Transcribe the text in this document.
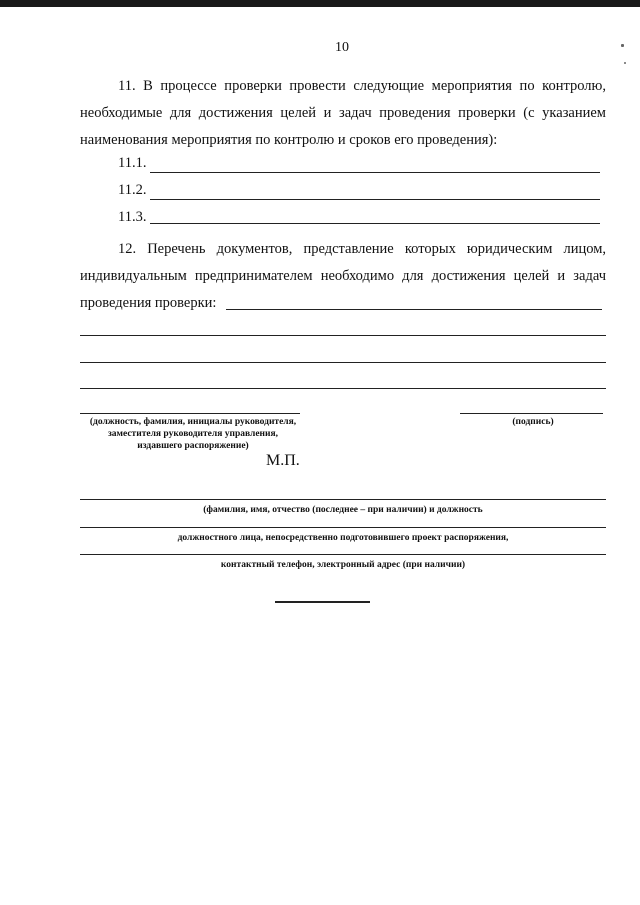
10
11. В процессе проверки провести следующие мероприятия по контролю,
необходимые для достижения целей и задач проведения проверки (с указанием
наименования мероприятия по контролю и сроков его проведения):
11.1.
11.2.
11.3.
12. Перечень документов, представление которых юридическим лицом,
индивидуальным предпринимателем необходимо для достижения целей и задач
проведения проверки:
(должность, фамилия, инициалы руководителя,
заместителя руководителя управления,
издавшего распоряжение)
(подпись)
М.П.
(фамилия, имя, отчество (последнее – при наличии) и должность
должностного лица, непосредственно подготовившего проект распоряжения,
контактный телефон, электронный адрес (при наличии)
